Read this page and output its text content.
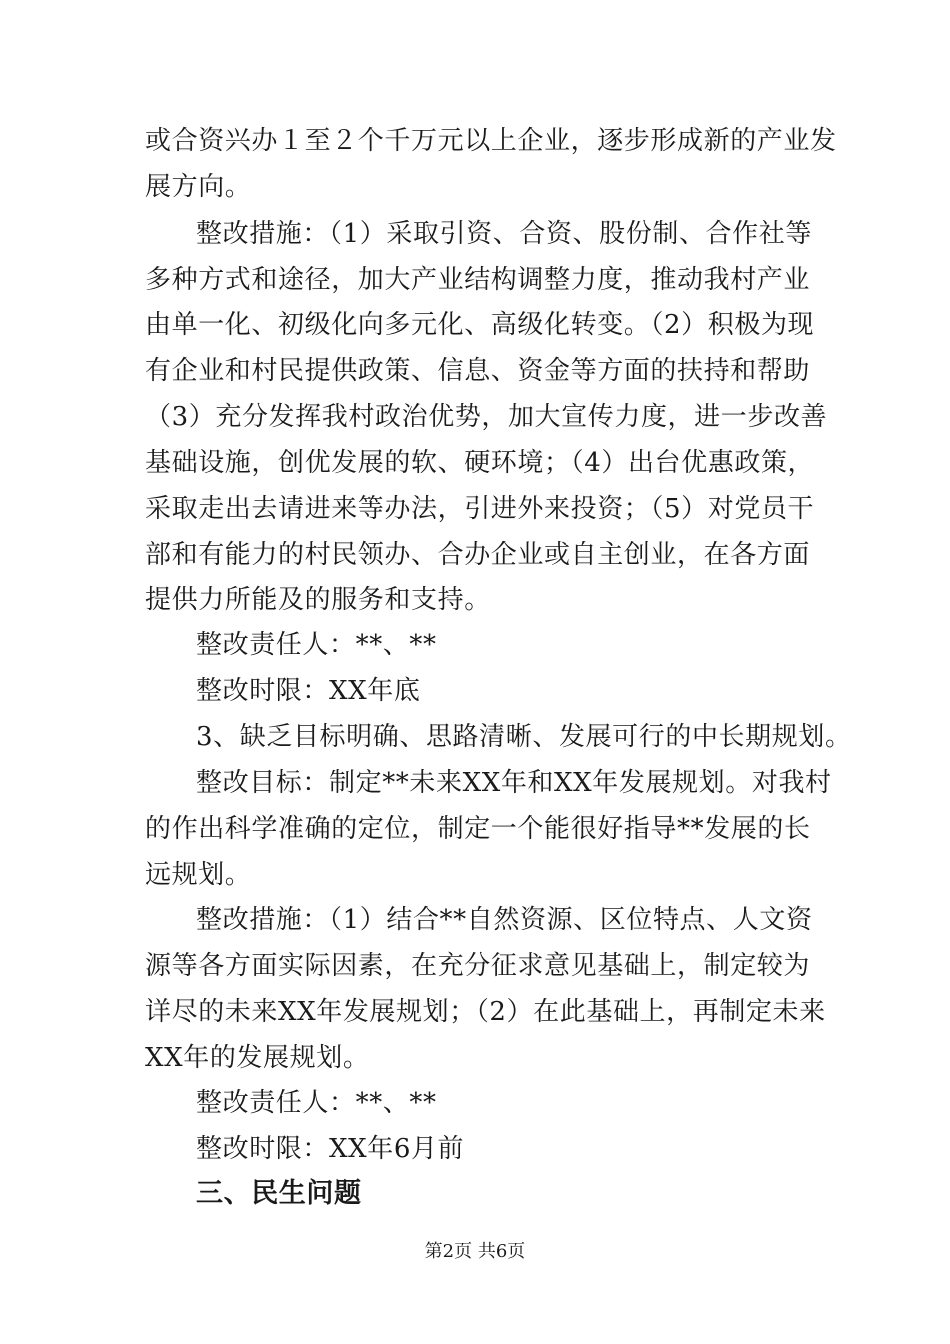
或合资兴办１至２个千万元以上企业，逐步形成新的产业发
展方向。
整改措施：（1）采取引资、合资、股份制、合作社等
多种方式和途径，加大产业结构调整力度，推动我村产业
由单一化、初级化向多元化、高级化转变。（2）积极为现
有企业和村民提供政策、信息、资金等方面的扶持和帮助
（3）充分发挥我村政治优势，加大宣传力度，进一步改善
基础设施，创优发展的软、硬环境；（4）出台优惠政策，
采取走出去请进来等办法，引进外来投资；（5）对党员干
部和有能力的村民领办、合办企业或自主创业，在各方面
提供力所能及的服务和支持。
整改责任人：**、**
整改时限：XX年底
3、缺乏目标明确、思路清晰、发展可行的中长期规划。
整改目标：制定**未来XX年和XX年发展规划。对我村
的作出科学准确的定位，制定一个能很好指导**发展的长
远规划。
整改措施：（1）结合**自然资源、区位特点、人文资
源等各方面实际因素，在充分征求意见基础上，制定较为
详尽的未来XX年发展规划；（2）在此基础上，再制定未来
XX年的发展规划。
整改责任人：**、**
整改时限：XX年6月前
三、民生问题
第2页 共6页
